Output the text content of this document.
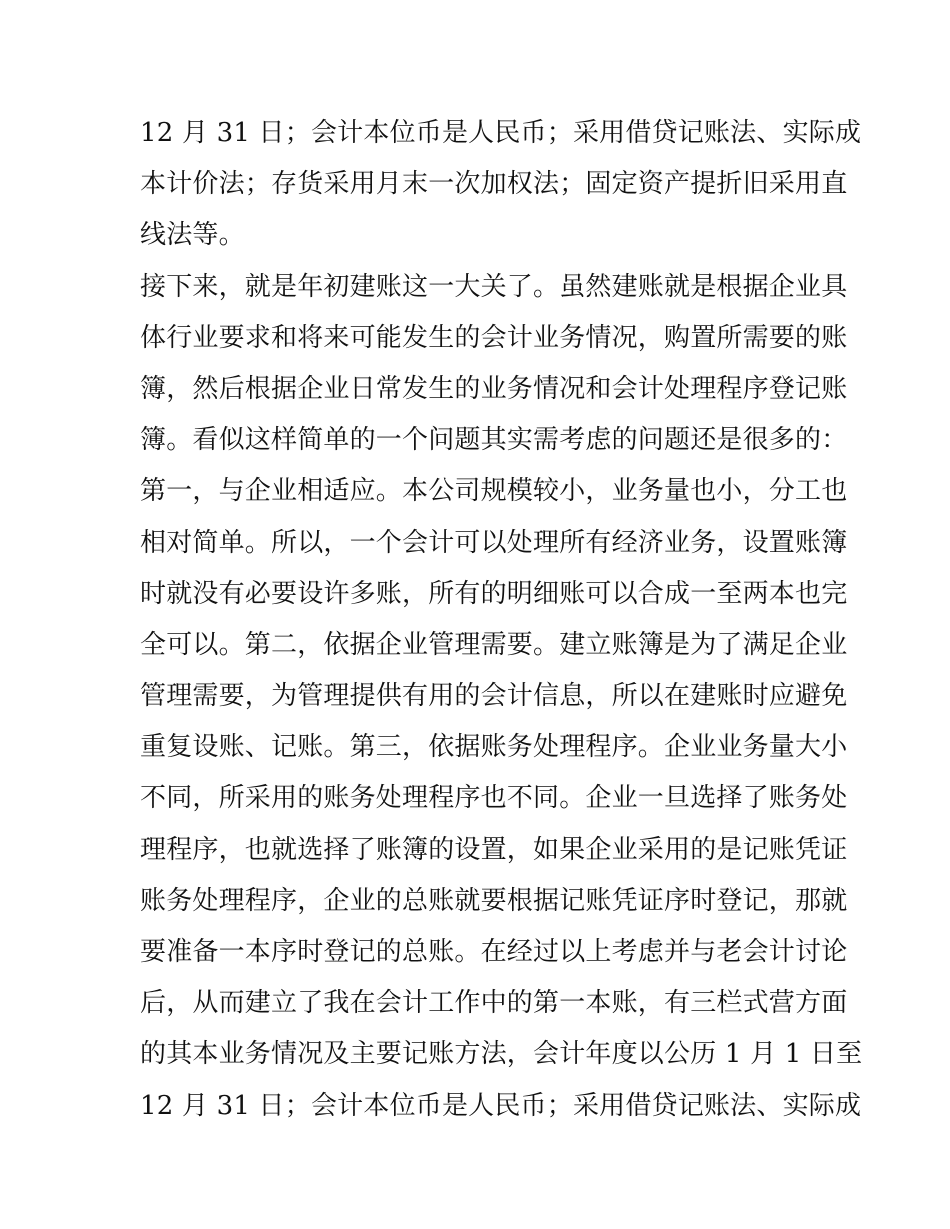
12 月 31 日；会计本位币是人民币；采用借贷记账法、实际成
本计价法；存货采用月末一次加权法；固定资产提折旧采用直
线法等。
接下来，就是年初建账这一大关了。虽然建账就是根据企业具
体行业要求和将来可能发生的会计业务情况，购置所需要的账
簿，然后根据企业日常发生的业务情况和会计处理程序登记账
簿。看似这样简单的一个问题其实需考虑的问题还是很多的：
第一，与企业相适应。本公司规模较小，业务量也小，分工也
相对简单。所以，一个会计可以处理所有经济业务，设置账簿
时就没有必要设许多账，所有的明细账可以合成一至两本也完
全可以。第二，依据企业管理需要。建立账簿是为了满足企业
管理需要，为管理提供有用的会计信息，所以在建账时应避免
重复设账、记账。第三，依据账务处理程序。企业业务量大小
不同，所采用的账务处理程序也不同。企业一旦选择了账务处
理程序，也就选择了账簿的设置，如果企业采用的是记账凭证
账务处理程序，企业的总账就要根据记账凭证序时登记，那就
要准备一本序时登记的总账。在经过以上考虑并与老会计讨论
后，从而建立了我在会计工作中的第一本账，有三栏式营方面
的其本业务情况及主要记账方法，会计年度以公历 1 月 1 日至
12 月 31 日；会计本位币是人民币；采用借贷记账法、实际成
